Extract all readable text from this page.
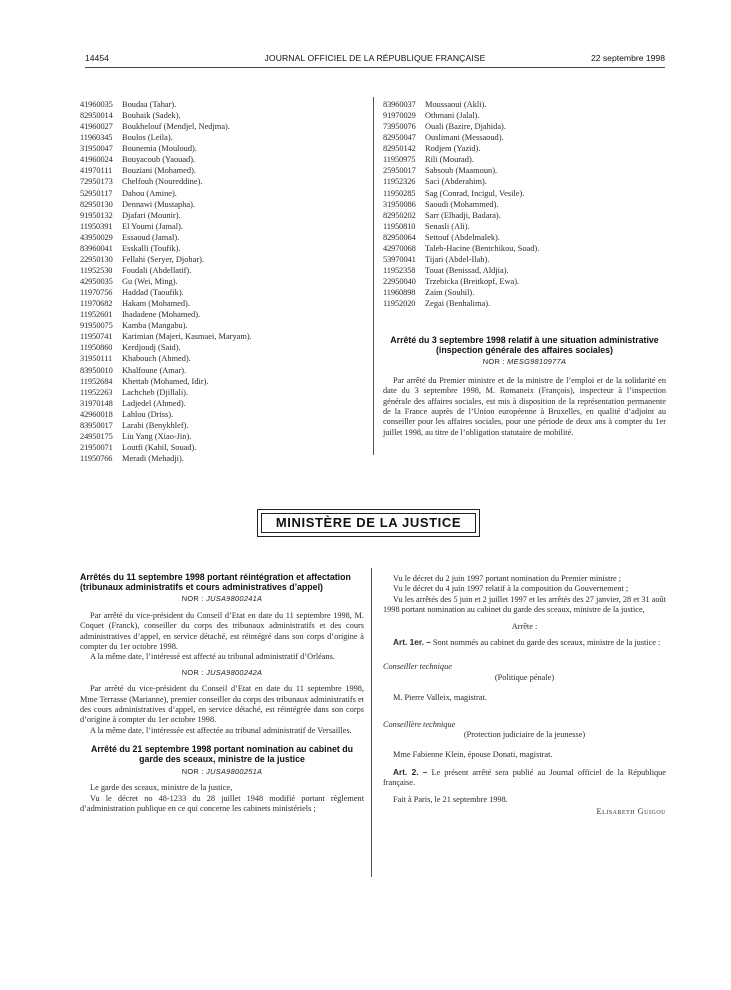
14454	JOURNAL OFFICIEL DE LA RÉPUBLIQUE FRANÇAISE	22 septembre 1998
41960035 Boudaa (Tahar).
82950014 Bouhaik (Sadek).
41960027 Boukhelouf (Mendjel, Nedjma).
11960345 Boulos (Leila).
31950047 Bounemia (Mouloud).
41960024 Bouyacoub (Yaouad).
41970111 Bouziani (Mohamed).
72950173 Chelfouh (Noureddine).
52950117 Dahou (Amine).
82950130 Dennawi (Mustapha).
91950132 Djafari (Mounir).
11950391 El Youmi (Jamal).
43950029 Essaoud (Jamal).
83960041 Esskalli (Toufik).
22950130 Fellahi (Seryer, Djohar).
11952530 Foudali (Abdellatif).
42950035 Gu (Wei, Ming).
11970756 Haddad (Taoufik).
11970682 Hakam (Mohamed).
11952601 Ihadadene (Mohamed).
91950075 Kamba (Mangabu).
11950741 Karimian (Majeri, Kasmaei, Maryam).
11950860 Kerdjoudj (Said).
31950111 Khabouch (Ahmed).
83950010 Khalfoune (Amar).
11952684 Khettab (Mohamed, Idir).
11952263 Lachcheb (Djillali).
31970148 Ladjedel (Ahmed).
42960018 Lahlou (Driss).
83950017 Larabi (Benykhlef).
24950175 Liu Yang (Xiao-Jin).
21950071 Loutfi (Kabil, Souad).
11950766 Meradi (Mehadji).
83960037 Moussaoui (Akli).
91970029 Othmani (Jalal).
73950076 Ouali (Bazire, Djahida).
82950047 Ouslimani (Messaoud).
82950142 Rodjem (Yazid).
11950975 Rili (Mourad).
25950017 Sabsoub (Maamoun).
11952326 Saci (Abderahim).
11950285 Sag (Conrad, Incigul, Vesile).
31950086 Saoudi (Mohammed).
82950202 Sarr (Elhadji, Badara).
11950810 Senasli (Ali).
82950064 Settouf (Abdelmalek).
42970068 Taleb-Hacine (Bentchikou, Soad).
53970041 Tijari (Abdel-Ilah).
11952358 Touat (Benissad, Aldjia).
22950040 Trzebicka (Breitkopf, Ewa).
11960898 Zaim (Souhil).
11952020 Zegai (Benhalima).
Arrêté du 3 septembre 1998 relatif à une situation administrative (inspection générale des affaires sociales)
NOR : MESG9810977A

Par arrêté du Premier ministre et de la ministre de l’emploi et de la solidarité en date du 3 septembre 1998, M. Romaneix (François), inspecteur à l’inspection générale des affaires sociales, est mis à disposition de la représentation permanente de la France auprès de l’Union européenne à Bruxelles, en qualité d’adjoint au conseiller pour les affaires sociales, pour une période de deux ans à compter du 1er juillet 1998, au titre de l’obligation statutaire de mobilité.

MINISTÈRE DE LA JUSTICE
Arrêtés du 11 septembre 1998 portant réintégration et affectation (tribunaux administratifs et cours administratives d’appel)
NOR : JUSA9800241A

Par arrêté du vice-président du Conseil d’Etat en date du 11 septembre 1998, M. Coquet (Franck), conseiller du corps des tribunaux administratifs et des cours administratives d’appel, en service détaché, est réintégré dans son corps d’origine à compter du 1er octobre 1998.

A la même date, l’intéressé est affecté au tribunal administratif d’Orléans.

NOR : JUSA9800242A

Par arrêté du vice-président du Conseil d’Etat en date du 11 septembre 1998, Mme Terrasse (Marianne), premier conseiller du corps des tribunaux administratifs et des cours administratives d’appel, en service détaché, est réintégrée dans son corps d’origine à compter du 1er octobre 1998.

A la même date, l’intéressée est affectée au tribunal administratif de Versailles.

Arrêté du 21 septembre 1998 portant nomination au cabinet du garde des sceaux, ministre de la justice
NOR : JUSA9800251A

Le garde des sceaux, ministre de la justice,

Vu le décret no 48-1233 du 28 juillet 1948 modifié portant règlement d’administration publique en ce qui concerne les cabinets ministériels ;

Vu le décret du 2 juin 1997 portant nomination du Premier ministre ;

Vu le décret du 4 juin 1997 relatif à la composition du Gouvernement ;

Vu les arrêtés des 5 juin et 2 juillet 1997 et les arrêtés des 27 janvier, 28 et 31 août 1998 portant nomination au cabinet du garde des sceaux, ministre de la justice,

Arrête :

Art. 1er. – Sont nommés au cabinet du garde des sceaux, ministre de la justice :

Conseiller technique

(Politique pénale)

M. Pierre Valleix, magistrat.

Conseillère technique

(Protection judiciaire de la jeunesse)

Mme Fabienne Klein, épouse Donati, magistrat.

Art. 2. – Le présent arrêté sera publié au Journal officiel de la République française.

Fait à Paris, le 21 septembre 1998.

Elisabeth Guigou
